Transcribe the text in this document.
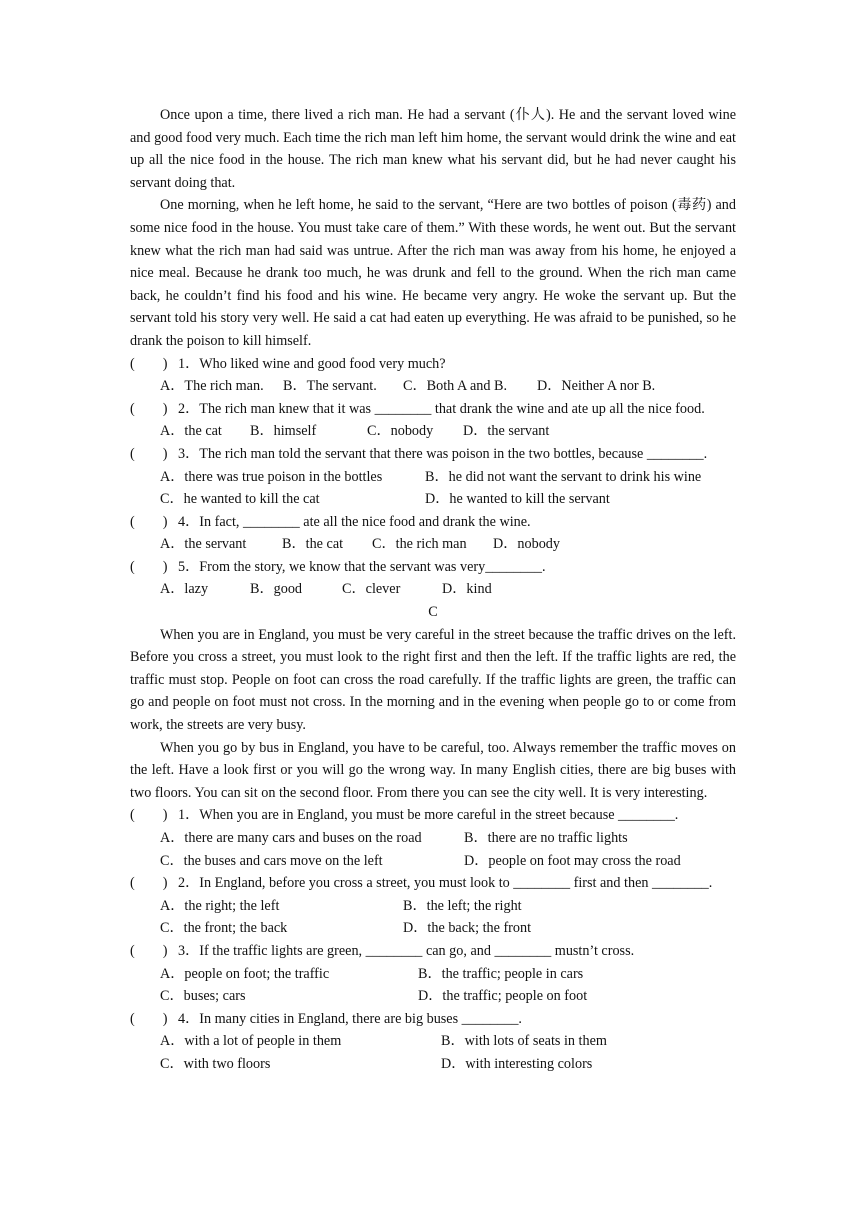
Once upon a time, there lived a rich man. He had a servant (仆人). He and the servant loved wine and good food very much. Each time the rich man left him home, the servant would drink the wine and eat up all the nice food in the house. The rich man knew what his servant did, but he had never caught his servant doing that.

One morning, when he left home, he said to the servant, “Here are two bottles of poison (毒药) and some nice food in the house. You must take care of them.” With these words, he went out. But the servant knew what the rich man had said was untrue. After the rich man was away from his home, he enjoyed a nice meal. Because he drank too much, he was drunk and fell to the ground. When the rich man came back, he couldn’t find his food and his wine. He became very angry. He woke the servant up. But the servant told his story very well. He said a cat had eaten up everything. He was afraid to be punished, so he drank the poison to kill himself.

( ) 1．Who liked wine and good food very much?

A．The rich man. B．The servant. C．Both A and B. D．Neither A nor B.

( ) 2．The rich man knew that it was ________ that drank the wine and ate up all the nice food.

A．the cat B．himself	C．nobody D．the servant

( ) 3．The rich man told the servant that there was poison in the two bottles, because ________.

A．there was true poison in the bottles	B．he did not want the servant to drink his wine

C．he wanted to kill the cat	D．he wanted to kill the servant

( ) 4．In fact, ________ ate all the nice food and drank the wine.

A．the servant	B．the cat C．the rich man D．nobody

( ) 5．From the story, we know that the servant was very________.

A．lazy	B．good	C．clever	D．kind

C

When you are in England, you must be very careful in the street because the traffic drives on the left. Before you cross a street, you must look to the right first and then the left. If the traffic lights are red, the traffic must stop. People on foot can cross the road carefully. If the traffic lights are green, the traffic can go and people on foot must not cross. In the morning and in the evening when people go to or come from work, the streets are very busy.

When you go by bus in England, you have to be careful, too. Always remember the traffic moves on the left. Have a look first or you will go the wrong way. In many English cities, there are big buses with two floors. You can sit on the second floor. From there you can see the city well. It is very interesting.

( ) 1．When you are in England, you must be more careful in the street because ________.

A．there are many cars and buses on the road	B．there are no traffic lights

C．the buses and cars move on the left	D．people on foot may cross the road

( ) 2．In England, before you cross a street, you must look to ________ first and then ________.

A．the right; the left	B．the left; the right

C．the front; the back	D．the back; the front

( ) 3．If the traffic lights are green, ________ can go, and ________ mustn’t cross.

A．people on foot; the traffic	B．the traffic; people in cars

C．buses; cars	D．the traffic; people on foot

( ) 4．In many cities in England, there are big buses ________.

A．with a lot of people in them	B．with lots of seats in them

C．with two floors	D．with interesting colors
